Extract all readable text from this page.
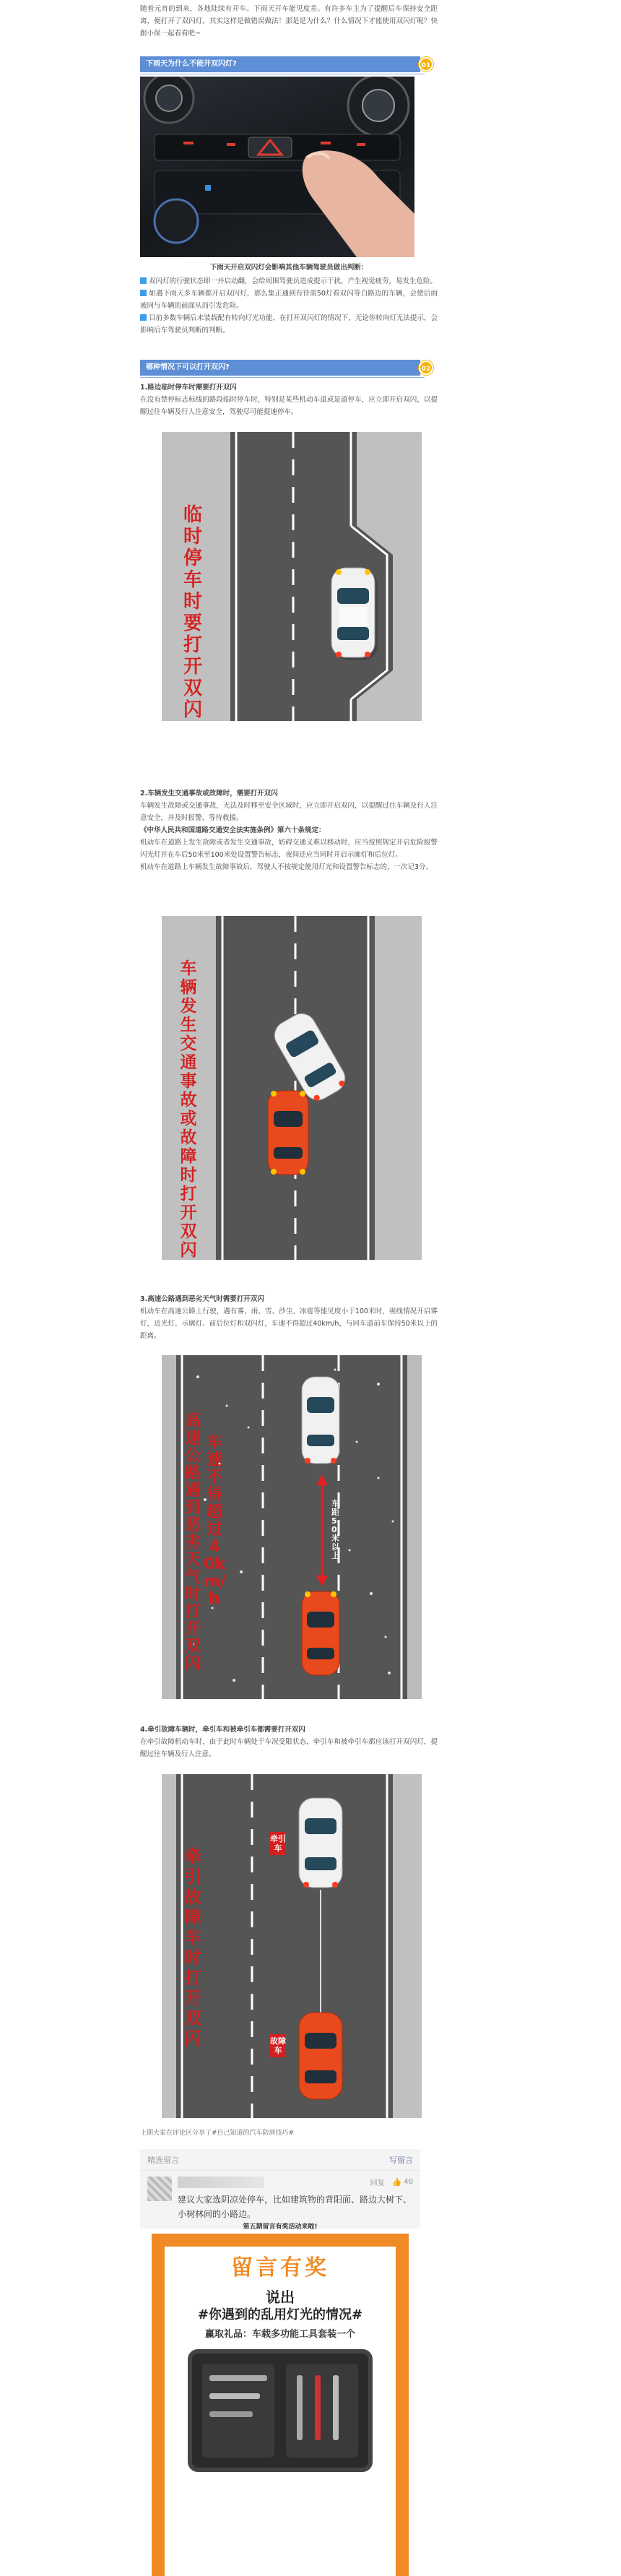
随着元宵的到来，各地陆续有开车。下雨天开车能见度差。有许多车主为了提醒后车保持安全距离，便打开了双闪灯。其实这样是做错误做法！那是是为什么？什么情况下才能使用双闪灯呢？快跟小保一起看看吧~

下雨天为什么不能开双闪灯?	01

下雨天开启双闪灯会影响其他车辆驾驶员做出判断：

双闪灯的行驶状态即一并启动翻，会给周围驾驶员造成提示干扰，产生视觉疲劳，易发生危险。

如遇下雨天多车辆都开启双闪灯，那么集正通到有待需50灯看双闪等白路边的车辆，会使后面被同与车辆的前面从而引发危险。

目前多数车辆后未装载配有转向灯光功能，在打开双闪灯的情况下，无论你转向灯无法提示，会影响后车驾驶员判断的判断。

哪种情况下可以打开双闪?	02

1.路边临时停车时需要打开双闪

在没有禁停标志标线的路段临时停车时，特别是某些机动车道或是道停车，应立即开启双闪，以提醒过往车辆及行人注意安全，驾驶尽可能提速停车。

临时停车时要打开双闪

2.车辆发生交通事故或故障时，需要打开双闪

车辆发生故障或交通事故，无法及时移至安全区域时，应立即开启双闪，以提醒过往车辆及行人注意安全，并及时报警、等待救援。

《中华人民共和国道路交通安全法实施条例》第六十条规定：

机动车在道路上发生故障或者发生交通事故，妨碍交通又难以移动时，应当按照规定开启危险报警闪光灯并在车后50米至100米处设置警告标志，夜间还应当同时开启示廓灯和后位灯。

机动车在道路上车辆发生故障事故后，驾驶人不按规定使用灯光和设置警告标志的，一次记3分。

车辆发生交通事故或故障时打开双闪

3.高速公路遇到恶劣天气时需要打开双闪

机动车在高速公路上行驶，遇有雾、雨、雪、沙尘、冰雹等能见度小于100米时，视线情况开启雾灯，近光灯、示廓灯、前后位灯和双闪灯，车速不得超过40km/h，与同车道前车保持50米以上的距离。

高速公路遇到恶劣天气时打开双闪
车速不得超过40km/h
车距50米以上

4.牵引故障车辆时，牵引车和被牵引车都需要打开双闪

在牵引故障机动车时，由于此时车辆处于车况受限状态，牵引车和被牵引车都应该打开双闪灯，提醒过往车辆及行人注意。

牵引故障车时打开双闪
牵引车
故障车

上期大家在评论区分享了#自己知道的汽车防滑技巧#

精选留言	写留言
回复 👍 40

建议大家选阴凉处停车，比如建筑物的背阳面、路边大树下、小树林间的小路边。

第五期留言有奖活动来啦!
留言有奖
说出
#你遇到的乱用灯光的情况#
赢取礼品：车载多功能工具套装一个
